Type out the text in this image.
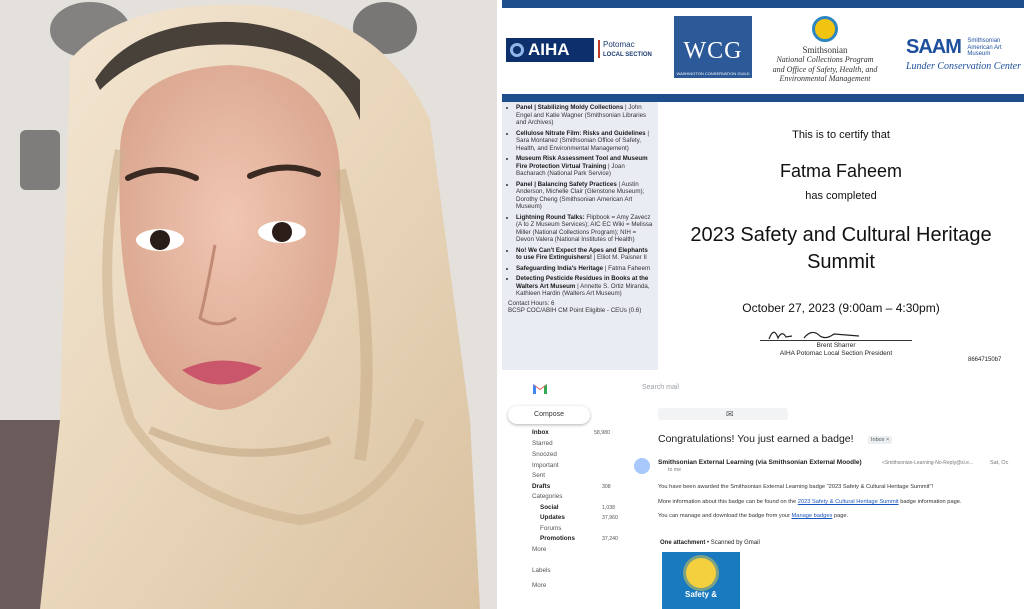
AIHA	Potomac
LOCAL SECTION	WCG
WASHINGTON CONSERVATION GUILD
Smithsonian
National Collections Program
and Office of Safety, Health, and
Environmental Management
SAAM Smithsonian
American Art
Museum
Lunder Conservation Center
• Panel | Stabilizing Moldy Collections | John Engel and Katie Wagner (Smithsonian Libraries and Archives)
• Cellulose Nitrate Film: Risks and Guidelines | Sara Montanez (Smithsonian Office of Safety, Health, and Environmental Management)
• Museum Risk Assessment Tool and Museum Fire Protection Virtual Training | Joan Bacharach (National Park Service)
• Panel | Balancing Safety Practices | Austin Anderson, Michelle Clair (Glenstone Museum); Dorothy Cheng (Smithsonian American Art Museum)
• Lightning Round Talks: Flipbook = Amy Zavecz (A to Z Museum Services); AIC EC Wiki = Melissa Miller (National Collections Program); NIH = Devon Valera (National Institutes of Health)
• No! We Can't Expect the Apes and Elephants to use Fire Extinguishers! | Elliot M. Paisner II
• Safeguarding India's Heritage | Fatma Faheem
• Detecting Pesticide Residues in Books at the Walters Art Museum | Annette S. Ortiz Miranda, Kathleen Hardin (Walters Art Museum)
Contact Hours: 6
BCSP COC/ABIH CM Point Eligible - CEUs (0.6)
This is to certify that
Fatma Faheem
has completed
2023 Safety and Cultural Heritage Summit
October 27, 2023 (9:00am – 4:30pm)
Brent Sharrer
AIHA Potomac Local Section President
86647150b7
Search mail
Compose
Inbox	58,980
Starred
Snoozed
Important
Sent
Drafts	308
Categories
Social	1,038
Updates	37,960
Forums
Promotions	37,240
More
Labels
More
✉
Congratulations! You just earned a badge!	Inbox ×
Smithsonian External Learning (via Smithsonian External Moodle)	<Smithsonian-Learning-No-Reply@si.e...	Sat, Oc
to me
You have been awarded the Smithsonian External Learning badge "2023 Safety & Cultural Heritage Summit"!
More information about this badge can be found on the 2023 Safety & Cultural Heritage Summit badge information page.
You can manage and download the badge from your Manage badges page.
One attachment • Scanned by Gmail
Safety &
